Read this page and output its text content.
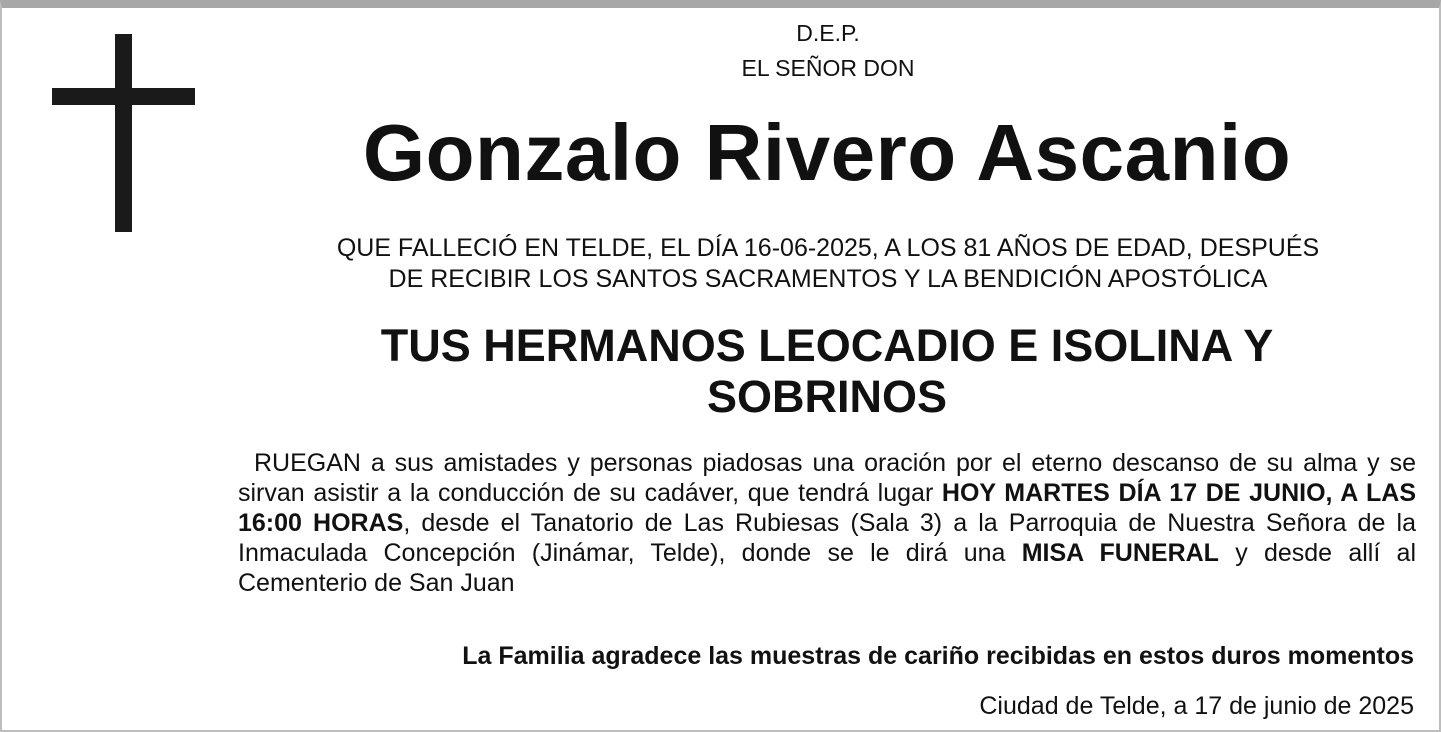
D.E.P.
EL SEÑOR DON
Gonzalo Rivero Ascanio
QUE FALLECIÓ EN TELDE, EL DÍA 16-06-2025, A LOS 81 AÑOS DE EDAD, DESPUÉS
DE RECIBIR LOS SANTOS SACRAMENTOS Y LA BENDICIÓN APOSTÓLICA
TUS HERMANOS LEOCADIO E ISOLINA Y SOBRINOS
RUEGAN a sus amistades y personas piadosas una oración por el eterno descanso de su alma y se sirvan asistir a la conducción de su cadáver, que tendrá lugar HOY MARTES DÍA 17 DE JUNIO, A LAS 16:00 HORAS, desde el Tanatorio de Las Rubiesas (Sala 3) a la Parroquia de Nuestra Señora de la Inmaculada Concepción (Jinámar, Telde), donde se le dirá una MISA FUNERAL y desde allí al Cementerio de San Juan
La Familia agradece las muestras de cariño recibidas en estos duros momentos
Ciudad de Telde, a 17 de junio de 2025
